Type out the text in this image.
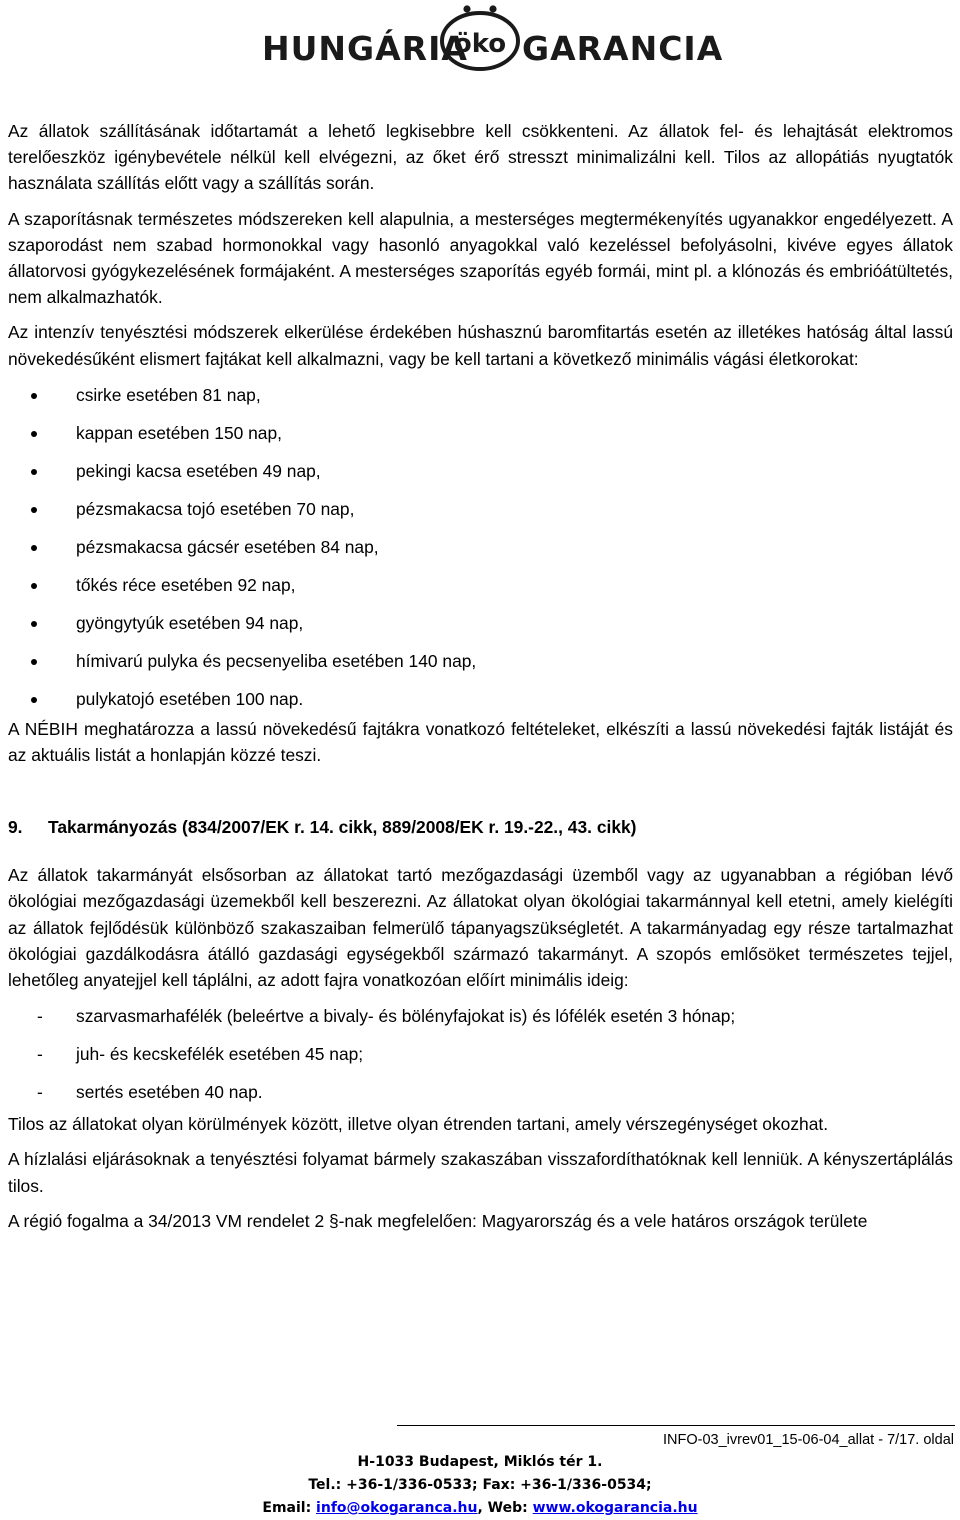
HUNGÁRIA
öko GARANCIA

Az állatok szállításának időtartamát a lehető legkisebbre kell csökkenteni. Az állatok fel- és lehajtását elektromos terelőeszköz igénybevétele nélkül kell elvégezni, az őket érő stresszt minimalizálni kell. Tilos az allopátiás nyugtatók használata szállítás előtt vagy a szállítás során.

A szaporításnak természetes módszereken kell alapulnia, a mesterséges megtermékenyítés ugyanakkor engedélyezett. A szaporodást nem szabad hormonokkal vagy hasonló anyagokkal való kezeléssel befolyásolni, kivéve egyes állatok állatorvosi gyógykezelésének formájaként. A mesterséges szaporítás egyéb formái, mint pl. a klónozás és embrióátültetés, nem alkalmazhatók.

Az intenzív tenyésztési módszerek elkerülése érdekében húshasznú baromfitartás esetén az illetékes hatóság által lassú növekedésűként elismert fajtákat kell alkalmazni, vagy be kell tartani a következő minimális vágási életkorokat:

csirke esetében 81 nap,
kappan esetében 150 nap,
pekingi kacsa esetében 49 nap,
pézsmakacsa tojó esetében 70 nap,
pézsmakacsa gácsér esetében 84 nap,
tőkés réce esetében 92 nap,
gyöngytyúk esetében 94 nap,
hímivarú pulyka és pecsenyeliba esetében 140 nap,
pulykatojó esetében 100 nap.

A NÉBIH meghatározza a lassú növekedésű fajtákra vonatkozó feltételeket, elkészíti a lassú növekedési fajták listáját és az aktuális listát a honlapján közzé teszi.

9. Takarmányozás (834/2007/EK r. 14. cikk, 889/2008/EK r. 19.-22., 43. cikk)

Az állatok takarmányát elsősorban az állatokat tartó mezőgazdasági üzemből vagy az ugyanabban a régióban lévő ökológiai mezőgazdasági üzemekből kell beszerezni. Az állatokat olyan ökológiai takarmánnyal kell etetni, amely kielégíti az állatok fejlődésük különböző szakaszaiban felmerülő tápanyagszükségletét. A takarmányadag egy része tartalmazhat ökológiai gazdálkodásra átálló gazdasági egységekből származó takarmányt. A szopós emlősöket természetes tejjel, lehetőleg anyatejjel kell táplálni, az adott fajra vonatkozóan előírt minimális ideig:

- szarvasmarhafélék (beleértve a bivaly- és bölényfajokat is) és lófélék esetén 3 hónap;
- juh- és kecskefélék esetében 45 nap;
- sertés esetében 40 nap.

Tilos az állatokat olyan körülmények között, illetve olyan étrenden tartani, amely vérszegénységet okozhat.

A hízlalási eljárásoknak a tenyésztési folyamat bármely szakaszában visszafordíthatóknak kell lenniük. A kényszertáplálás tilos.

A régió fogalma a 34/2013 VM rendelet 2 §-nak megfelelően: Magyarország és a vele határos országok területe

INFO-03_ivrev01_15-06-04_allat - 7/17. oldal
H-1033 Budapest, Miklós tér 1.
Tel.: +36-1/336-0533; Fax: +36-1/336-0534;
Email: info@okogaranca.hu, Web: www.okogarancia.hu
